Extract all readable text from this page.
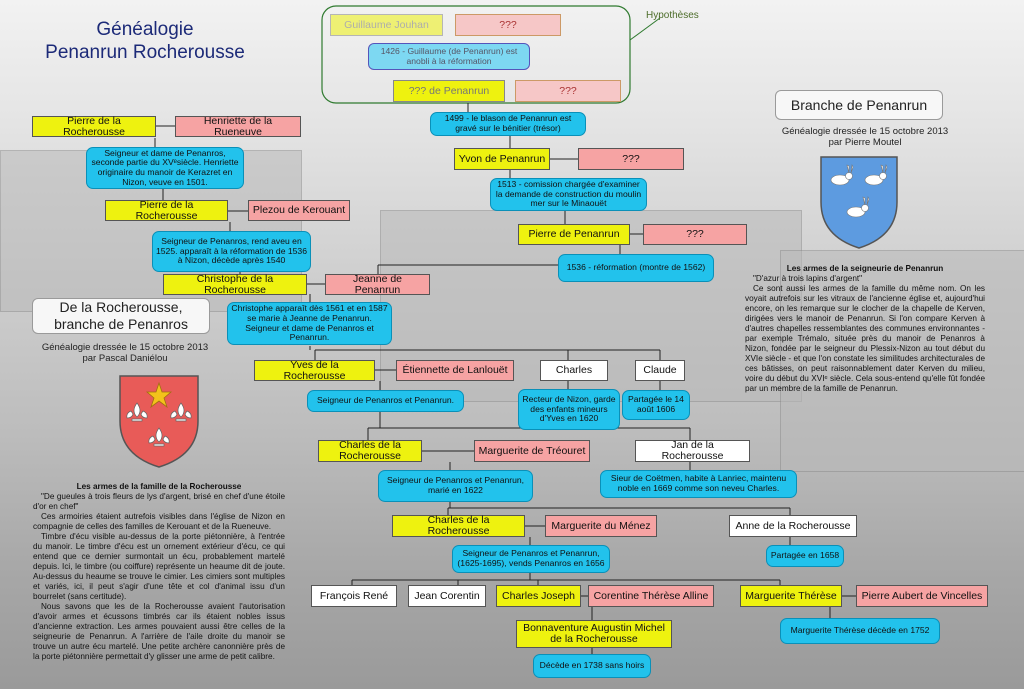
Généalogie
Penanrun Rocherousse
Hypothèses
Guillaume Jouhan	???
1426 - Guillaume (de Penanrun) est anobli à la réformation
??? de Penanrun	???
1499 - le blason de Penanrun est gravé sur le bénitier (trésor)
Yvon de Penanrun	???
1513 - comission chargée d'examiner la demande de construction du moulin mer sur le Minaouët
Pierre de Penanrun	???
1536 - réformation (montre de 1562)
Jeanne de Penanrun
Pierre de la Rocherousse
Henriette de la Rueneuve
Seigneur et dame de Penanros, seconde partie du XVᵉsiècle. Henriette originaire du manoir de Kerazret en Nizon, veuve en 1501.
Pierre de la Rocherousse	Plezou de Kerouant
Seigneur de Penanros, rend aveu en 1525. apparaît à la réformation de 1536 à Nizon, décède après 1540
Christophe de la Rocherousse
Christophe apparaît dès 1561 et en 1587 se marie à Jeanne de Penanrun. Seigneur et dame de Penanros et Penanrun.
Yves de la Rocherousse	Étiennette de Lanlouët	Charles	Claude
Seigneur de Penanros et Penanrun.	Recteur de Nizon, garde des enfants mineurs d'Yves en 1620
Partagée le 14 août 1606
Charles de la Rocherousse	Marguerite de Tréouret	Jan de la Rocherousse
Seigneur de Penanros et Penanrun, marié en 1622
Sieur de Coëtmen, habite à Lanriec, maintenu noble en 1669 comme son neveu Charles.
Charles de la Rocherousse	Marguerite du Ménez	Anne de la Rocherousse
Seigneur de Penanros et Penanrun, (1625-1695), vends Penanros en 1656
Partagée en 1658
François René	Jean Corentin	Charles Joseph	Corentine Thérèse Alline	Marguerite Thérèse	Pierre Aubert de Vincelles
Bonnaventure Augustin Michel de la Rocherousse
Marguerite Thérèse décède en 1752
Décède en 1738 sans hoirs
De la Rocherousse, branche de Penanros
Généalogie dressée le 15 octobre 2013
par Pascal Daniélou
Les armes de la famille de la Rocherousse

"De gueules à trois fleurs de lys d'argent, brisé en chef d'une étoile d'or en chef"

Ces armoiries étaient autrefois visibles dans l'église de Nizon en compagnie de celles des familles de Kerouant et de la Rueneuve.

Timbre d'écu visible au-dessus de la porte piétonnière, à l'entrée du manoir. Le timbre d'écu est un ornement extérieur d'écu, ce qui entend que ce dernier surmontait un écu, probablement martelé depuis. Ici, le timbre (ou coiffure) représente un heaume dit de joute. Au-dessus du heaume se trouve le cimier. Les cimiers sont multiples et variés, ici, il peut s'agir d'une tête et col d'animal issu d'un bourrelet (sans certitude).

Nous savons que les de la Rocherousse avaient l'autorisation d'avoir armes et écussons timbrés car ils étaient nobles issus d'ancienne extraction. Les armes pouvaient aussi être celles de la seigneurie de Penanrun. A l'arrière de l'aile droite du manoir se trouve un autre écu martelé. Une petite archère canonnière près de la porte piétonnière permettait d'y glisser une arme de petit calibre.

Branche de Penanrun
Généalogie dressée le 15 octobre 2013
par Pierre Moutel
Les armes de la seigneurie de Penanrun

"D'azur à trois lapins d'argent"

Ce sont aussi les armes de la famille du même nom. On les voyait autrefois sur les vitraux de l'ancienne église et, aujourd'hui encore, on les remarque sur le clocher de la chapelle de Kerven, dirigées vers le manoir de Penanrun. Si l'on compare Kerven à d'autres chapelles ressemblantes des communes environnantes - par exemple Trémalo, située près du manoir de Penanros à Nizon, fondée par le seigneur du Plessix-Nizon au tout début du XVIe siècle - et que l'on constate les similitudes architecturales de ces bâtisses, on peut raisonnablement dater Kerven du milieu, voire du début du XVIᵉ siècle. Cela sous-entend qu'elle fût fondée par un membre de la famille de Penanrun.
